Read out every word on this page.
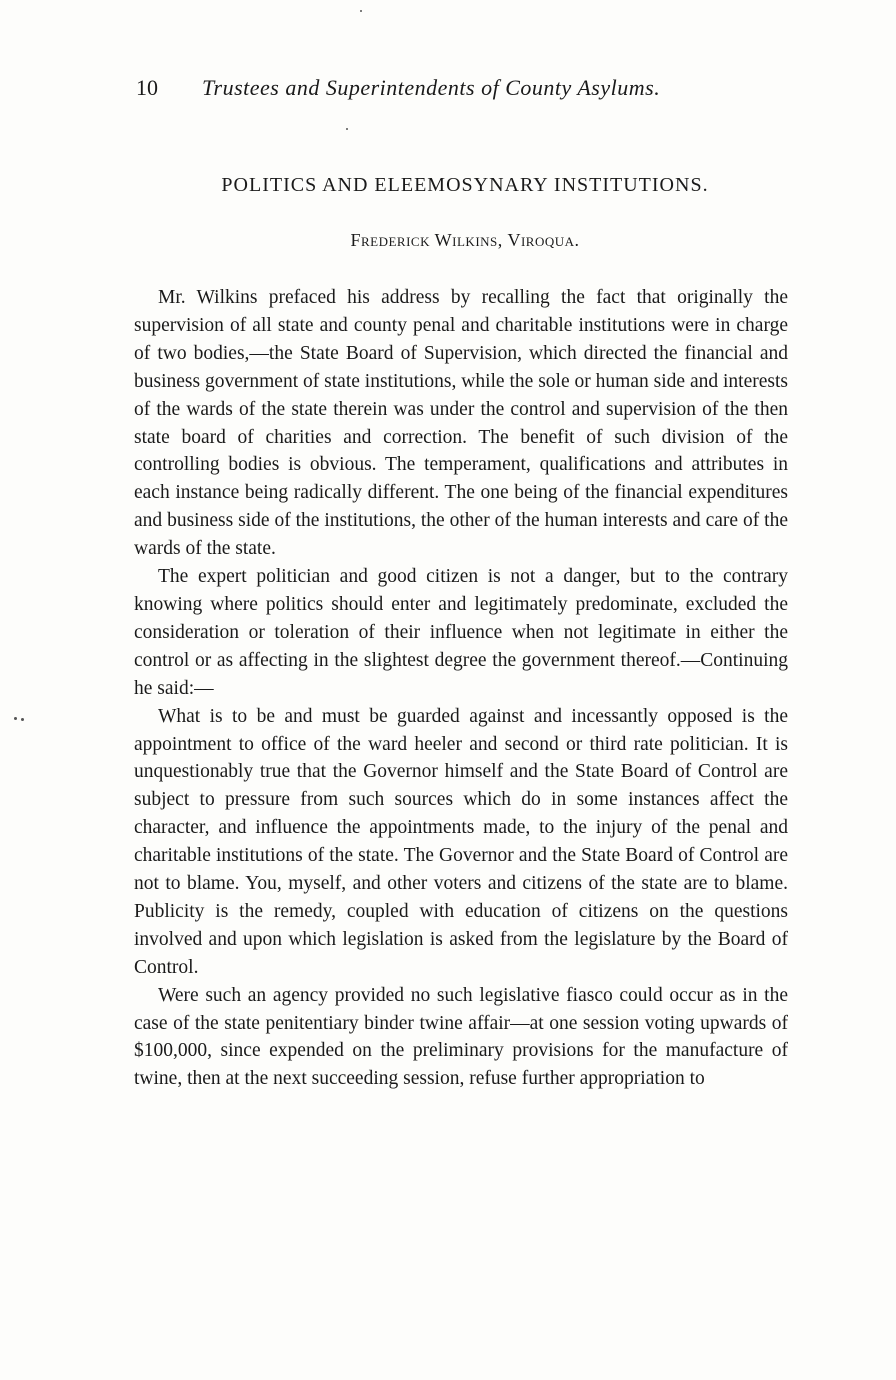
10 Trustees and Superintendents of County Asylums.
POLITICS AND ELEEMOSYNARY INSTITUTIONS.
Frederick Wilkins, Viroqua.

Mr. Wilkins prefaced his address by recalling the fact that originally the supervision of all state and county penal and charitable institutions were in charge of two bodies,—the State Board of Supervision, which directed the financial and business government of state institutions, while the sole or human side and interests of the wards of the state therein was under the control and supervision of the then state board of charities and correction. The benefit of such division of the controlling bodies is obvious. The temperament, qualifications and attributes in each instance being radically different. The one being of the financial expenditures and business side of the institutions, the other of the human interests and care of the wards of the state.

The expert politician and good citizen is not a danger, but to the contrary knowing where politics should enter and legitimately predominate, excluded the consideration or toleration of their influence when not legitimate in either the control or as affecting in the slightest degree the government thereof.—Continuing he said:—

What is to be and must be guarded against and incessantly opposed is the appointment to office of the ward heeler and second or third rate politician. It is unquestionably true that the Governor himself and the State Board of Control are subject to pressure from such sources which do in some instances affect the character, and influence the appointments made, to the injury of the penal and charitable institutions of the state. The Governor and the State Board of Control are not to blame. You, myself, and other voters and citizens of the state are to blame. Publicity is the remedy, coupled with education of citizens on the questions involved and upon which legislation is asked from the legislature by the Board of Control.

Were such an agency provided no such legislative fiasco could occur as in the case of the state penitentiary binder twine affair—at one session voting upwards of $100,000, since expended on the preliminary provisions for the manufacture of twine, then at the next succeeding session, refuse further appropriation to
